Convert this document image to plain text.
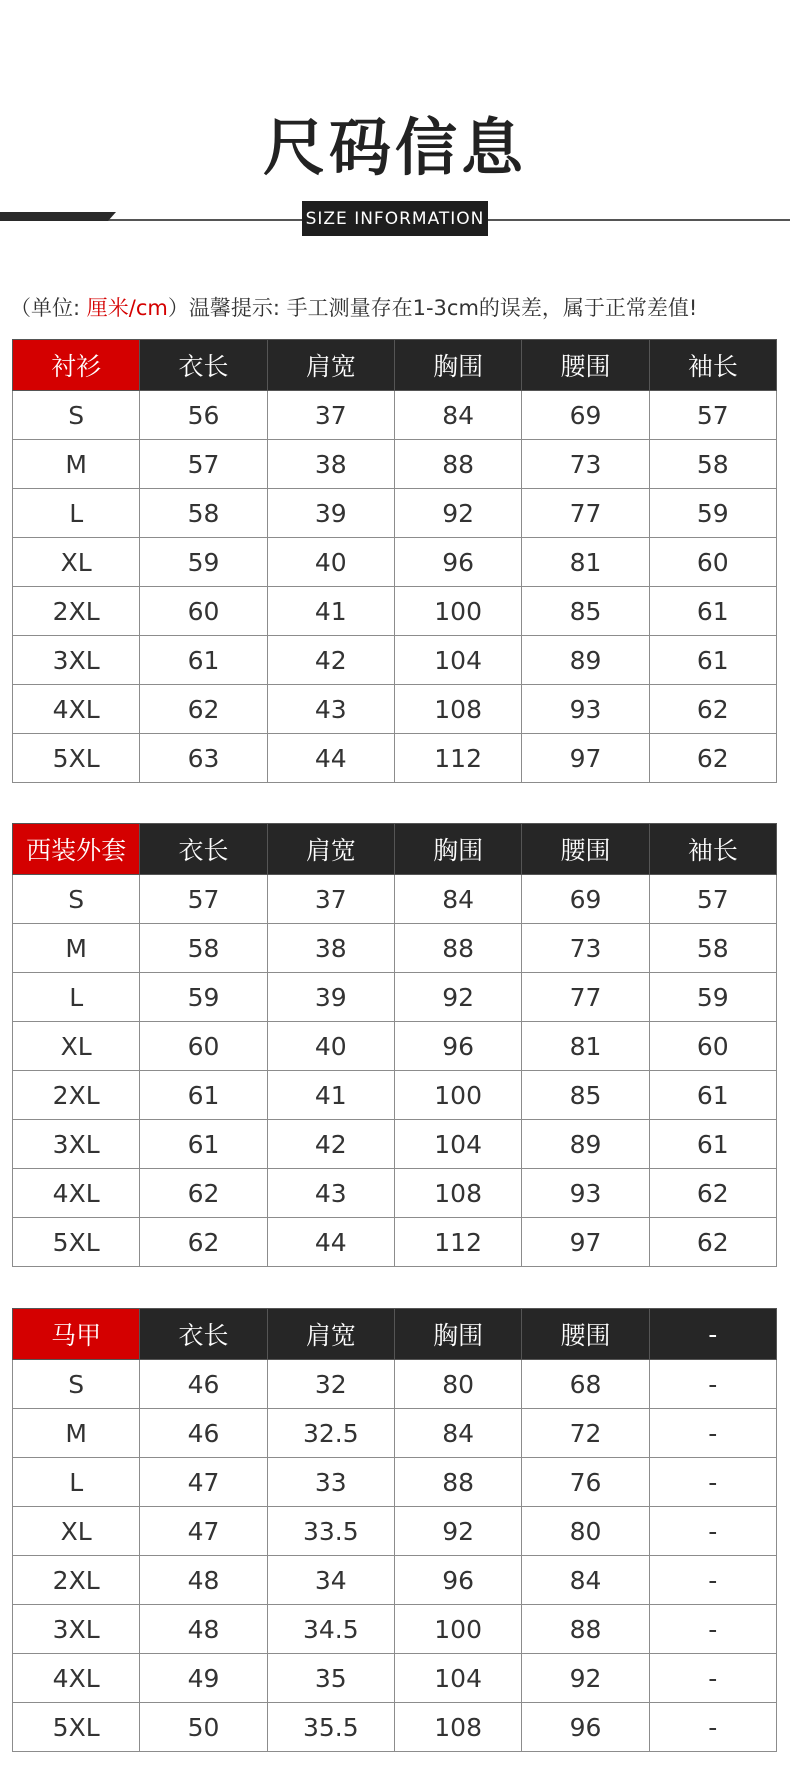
尺码信息
SIZE INFORMATION
（单位: 厘米/cm）温馨提示: 手工测量存在1-3cm的误差，属于正常差值!
衬衫	衣长	肩宽	胸围	腰围	袖长
S	56	37	84	69	57
M	57	38	88	73	58
L	58	39	92	77	59
XL	59	40	96	81	60
2XL	60	41	100	85	61
3XL	61	42	104	89	61
4XL	62	43	108	93	62
5XL	63	44	112	97	62
西装外套	衣长	肩宽	胸围	腰围	袖长
S	57	37	84	69	57
M	58	38	88	73	58
L	59	39	92	77	59
XL	60	40	96	81	60
2XL	61	41	100	85	61
3XL	61	42	104	89	61
4XL	62	43	108	93	62
5XL	62	44	112	97	62
马甲	衣长	肩宽	胸围	腰围	-
S	46	32	80	68	-
M	46	32.5	84	72	-
L	47	33	88	76	-
XL	47	33.5	92	80	-
2XL	48	34	96	84	-
3XL	48	34.5	100	88	-
4XL	49	35	104	92	-
5XL	50	35.5	108	96	-
